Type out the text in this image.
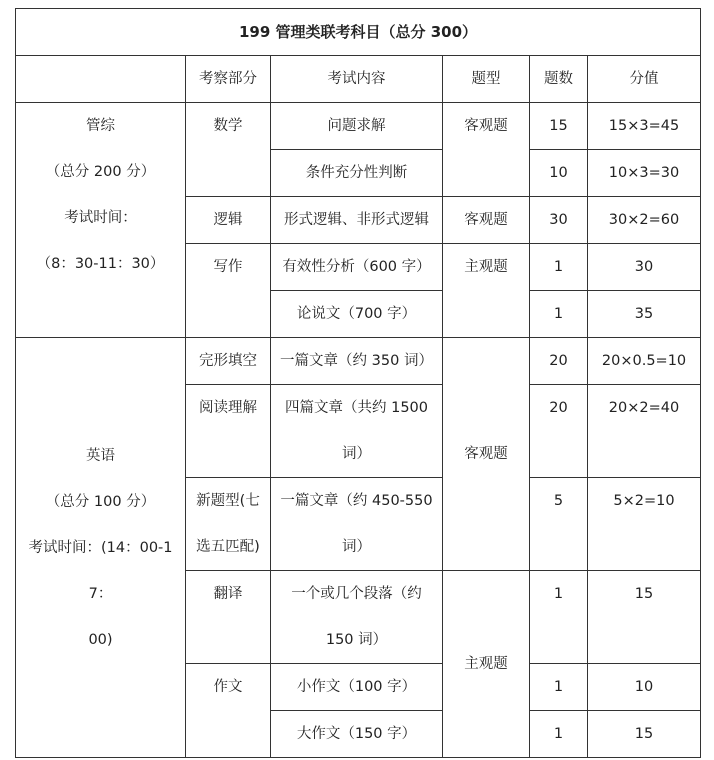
199 管理类联考科目（总分 300）					
	考察部分	考试内容	题型	题数	分值

管综
（总分 200 分）
考试时间：
（8：30-11：30）	数学	问题求解	客观题	15	15×3=45
		条件充分性判断		10	10×3=30
	逻辑	形式逻辑、非形式逻辑	客观题	30	30×2=60
	写作	有效性分析（600 字）	主观题	1	30
		论说文（700 字）		1	35

英语
（总分 100 分）
考试时间：(14：00-17：
00)	完形填空	一篇文章（约 350 词）	客观题	20	20×0.5=10
	阅读理解	四篇文章（共约 1500
词）		20	20×2=40

	新题型(七
选五匹配)	一篇文章（约 450-550
词）		5	5×2=10

	翻译	一个或几个段落（约
150 词）	主观题	1	15

	作文	小作文（100 字）		1	10
		大作文（150 字）		1	15
